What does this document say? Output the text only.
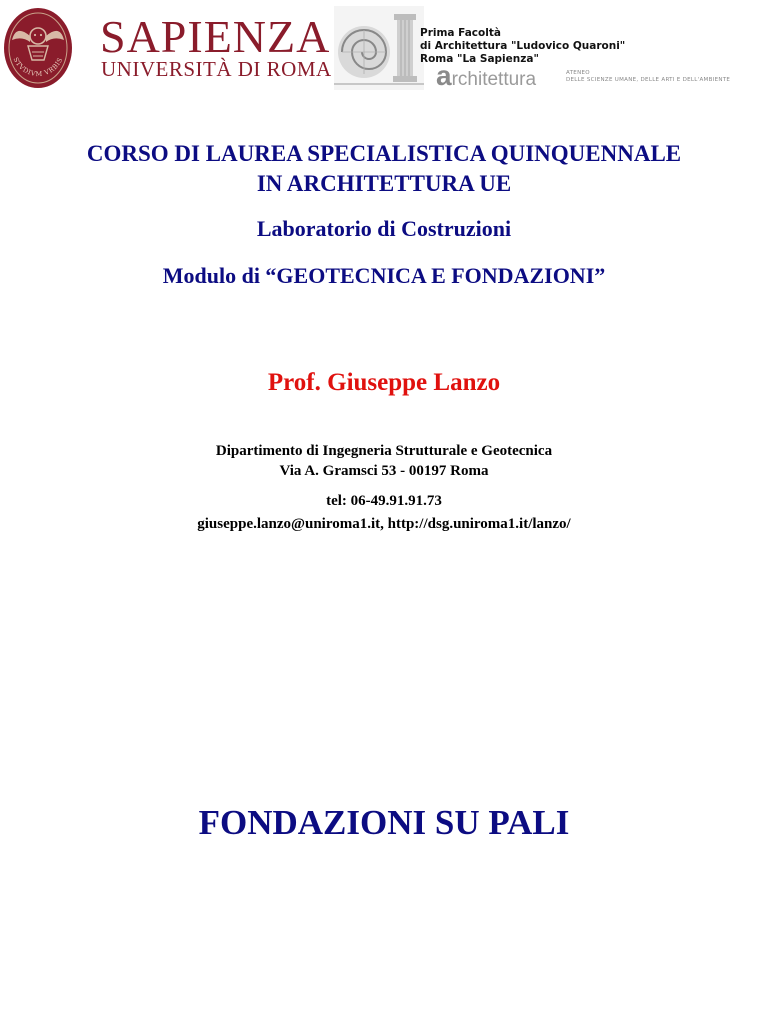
STVDIVM VRBIS SAPIENZA
UNIVERSITÀ DI ROMA
Prima Facoltà
di Architettura "Ludovico Quaroni"
Roma "La Sapienza"
architettura	ATENEO
DELLE SCIENZE UMANE, DELLE ARTI E DELL'AMBIENTE
CORSO DI LAUREA SPECIALISTICA QUINQUENNALE
IN ARCHITETTURA UE
Laboratorio di Costruzioni
Modulo di “GEOTECNICA E FONDAZIONI”
Prof. Giuseppe Lanzo
Dipartimento di Ingegneria Strutturale e Geotecnica
Via A. Gramsci 53 - 00197 Roma
tel: 06-49.91.91.73
giuseppe.lanzo@uniroma1.it, http://dsg.uniroma1.it/lanzo/
FONDAZIONI SU PALI
